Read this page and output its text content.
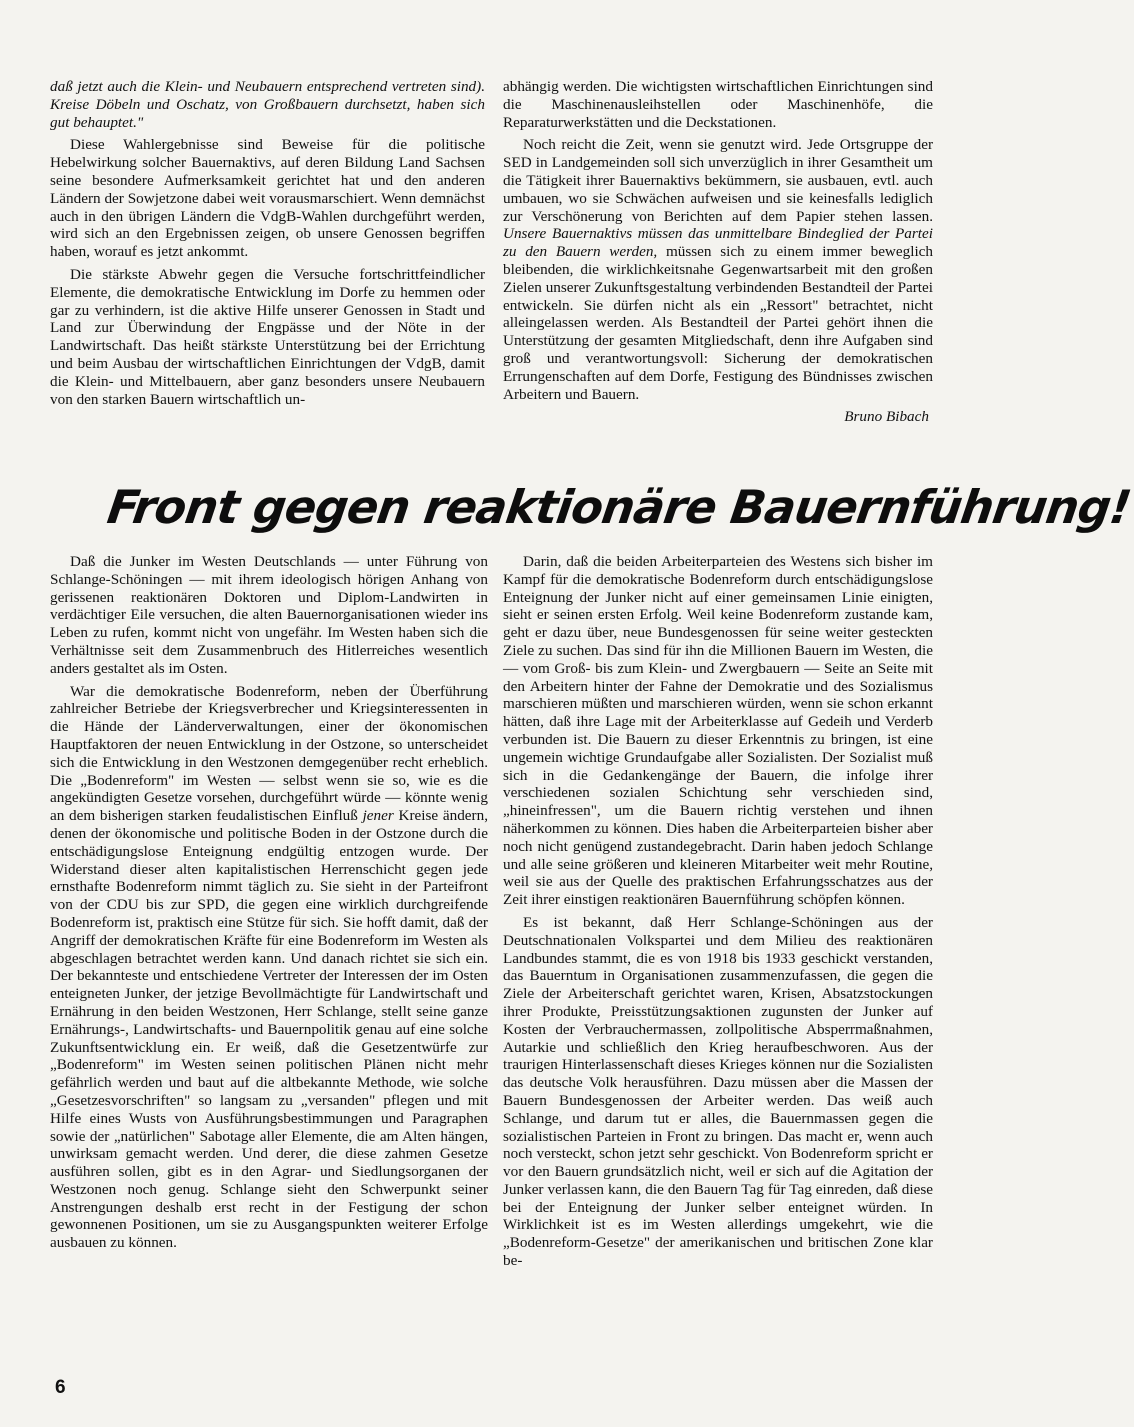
daß jetzt auch die Klein- und Neubauern entsprechend vertreten sind). Kreise Döbeln und Oschatz, von Großbauern durchsetzt, haben sich gut behauptet."

Diese Wahlergebnisse sind Beweise für die politische Hebelwirkung solcher Bauernaktivs, auf deren Bildung Land Sachsen seine besondere Aufmerksamkeit gerichtet hat und den anderen Ländern der Sowjetzone dabei weit vorausmarschiert. Wenn demnächst auch in den übrigen Ländern die VdgB-Wahlen durchgeführt werden, wird sich an den Ergebnissen zeigen, ob unsere Genossen begriffen haben, worauf es jetzt ankommt.

Die stärkste Abwehr gegen die Versuche fortschrittfeindlicher Elemente, die demokratische Entwicklung im Dorfe zu hemmen oder gar zu verhindern, ist die aktive Hilfe unserer Genossen in Stadt und Land zur Überwindung der Engpässe und der Nöte in der Landwirtschaft. Das heißt stärkste Unterstützung bei der Errichtung und beim Ausbau der wirtschaftlichen Einrichtungen der VdgB, damit die Klein- und Mittelbauern, aber ganz besonders unsere Neubauern von den starken Bauern wirtschaftlich un-

abhängig werden. Die wichtigsten wirtschaftlichen Einrichtungen sind die Maschinenausleihstellen oder Maschinenhöfe, die Reparaturwerkstätten und die Deckstationen.

Noch reicht die Zeit, wenn sie genutzt wird. Jede Ortsgruppe der SED in Landgemeinden soll sich unverzüglich in ihrer Gesamtheit um die Tätigkeit ihrer Bauernaktivs bekümmern, sie ausbauen, evtl. auch umbauen, wo sie Schwächen aufweisen und sie keinesfalls lediglich zur Verschönerung von Berichten auf dem Papier stehen lassen. Unsere Bauernaktivs müssen das unmittelbare Bindeglied der Partei zu den Bauern werden, müssen sich zu einem immer beweglich bleibenden, die wirklichkeitsnahe Gegenwartsarbeit mit den großen Zielen unserer Zukunftsgestaltung verbindenden Bestandteil der Partei entwickeln. Sie dürfen nicht als ein „Ressort" betrachtet, nicht alleingelassen werden. Als Bestandteil der Partei gehört ihnen die Unterstützung der gesamten Mitgliedschaft, denn ihre Aufgaben sind groß und verantwortungsvoll: Sicherung der demokratischen Errungenschaften auf dem Dorfe, Festigung des Bündnisses zwischen Arbeitern und Bauern.

Bruno Bibach
Front gegen reaktionäre Bauernführung!

Daß die Junker im Westen Deutschlands — unter Führung von Schlange-Schöningen — mit ihrem ideologisch hörigen Anhang von gerissenen reaktionären Doktoren und Diplom-Landwirten in verdächtiger Eile versuchen, die alten Bauernorganisationen wieder ins Leben zu rufen, kommt nicht von ungefähr. Im Westen haben sich die Verhältnisse seit dem Zusammenbruch des Hitlerreiches wesentlich anders gestaltet als im Osten.

War die demokratische Bodenreform, neben der Überführung zahlreicher Betriebe der Kriegsverbrecher und Kriegsinteressenten in die Hände der Länderverwaltungen, einer der ökonomischen Hauptfaktoren der neuen Entwicklung in der Ostzone, so unterscheidet sich die Entwicklung in den Westzonen demgegenüber recht erheblich. Die „Bodenreform" im Westen — selbst wenn sie so, wie es die angekündigten Gesetze vorsehen, durchgeführt würde — könnte wenig an dem bisherigen starken feudalistischen Einfluß jener Kreise ändern, denen der ökonomische und politische Boden in der Ostzone durch die entschädigungslose Enteignung endgültig entzogen wurde. Der Widerstand dieser alten kapitalistischen Herrenschicht gegen jede ernsthafte Bodenreform nimmt täglich zu. Sie sieht in der Parteifront von der CDU bis zur SPD, die gegen eine wirklich durchgreifende Bodenreform ist, praktisch eine Stütze für sich. Sie hofft damit, daß der Angriff der demokratischen Kräfte für eine Bodenreform im Westen als abgeschlagen betrachtet werden kann. Und danach richtet sie sich ein. Der bekannteste und entschiedene Vertreter der Interessen der im Osten enteigneten Junker, der jetzige Bevollmächtigte für Landwirtschaft und Ernährung in den beiden Westzonen, Herr Schlange, stellt seine ganze Ernährungs-, Landwirtschafts- und Bauernpolitik genau auf eine solche Zukunftsentwicklung ein. Er weiß, daß die Gesetzentwürfe zur „Bodenreform" im Westen seinen politischen Plänen nicht mehr gefährlich werden und baut auf die altbekannte Methode, wie solche „Gesetzesvorschriften" so langsam zu „versanden" pflegen und mit Hilfe eines Wusts von Ausführungsbestimmungen und Paragraphen sowie der „natürlichen" Sabotage aller Elemente, die am Alten hängen, unwirksam gemacht werden. Und derer, die diese zahmen Gesetze ausführen sollen, gibt es in den Agrar- und Siedlungsorganen der Westzonen noch genug. Schlange sieht den Schwerpunkt seiner Anstrengungen deshalb erst recht in der Festigung der schon gewonnenen Positionen, um sie zu Ausgangspunkten weiterer Erfolge ausbauen zu können.

Darin, daß die beiden Arbeiterparteien des Westens sich bisher im Kampf für die demokratische Bodenreform durch entschädigungslose Enteignung der Junker nicht auf einer gemeinsamen Linie einigten, sieht er seinen ersten Erfolg. Weil keine Bodenreform zustande kam, geht er dazu über, neue Bundesgenossen für seine weiter gesteckten Ziele zu suchen. Das sind für ihn die Millionen Bauern im Westen, die — vom Groß- bis zum Klein- und Zwergbauern — Seite an Seite mit den Arbeitern hinter der Fahne der Demokratie und des Sozialismus marschieren müßten und marschieren würden, wenn sie schon erkannt hätten, daß ihre Lage mit der Arbeiterklasse auf Gedeih und Verderb verbunden ist. Die Bauern zu dieser Erkenntnis zu bringen, ist eine ungemein wichtige Grundaufgabe aller Sozialisten. Der Sozialist muß sich in die Gedankengänge der Bauern, die infolge ihrer verschiedenen sozialen Schichtung sehr verschieden sind, „hineinfressen", um die Bauern richtig verstehen und ihnen näherkommen zu können. Dies haben die Arbeiterparteien bisher aber noch nicht genügend zustandegebracht. Darin haben jedoch Schlange und alle seine größeren und kleineren Mitarbeiter weit mehr Routine, weil sie aus der Quelle des praktischen Erfahrungsschatzes aus der Zeit ihrer einstigen reaktionären Bauernführung schöpfen können.

Es ist bekannt, daß Herr Schlange-Schöningen aus der Deutschnationalen Volkspartei und dem Milieu des reaktionären Landbundes stammt, die es von 1918 bis 1933 geschickt verstanden, das Bauerntum in Organisationen zusammenzufassen, die gegen die Ziele der Arbeiterschaft gerichtet waren, Krisen, Absatzstockungen ihrer Produkte, Preisstützungsaktionen zugunsten der Junker auf Kosten der Verbrauchermassen, zollpolitische Absperrmaßnahmen, Autarkie und schließlich den Krieg heraufbeschworen. Aus der traurigen Hinterlassenschaft dieses Krieges können nur die Sozialisten das deutsche Volk herausführen. Dazu müssen aber die Massen der Bauern Bundesgenossen der Arbeiter werden. Das weiß auch Schlange, und darum tut er alles, die Bauernmassen gegen die sozialistischen Parteien in Front zu bringen. Das macht er, wenn auch noch versteckt, schon jetzt sehr geschickt. Von Bodenreform spricht er vor den Bauern grundsätzlich nicht, weil er sich auf die Agitation der Junker verlassen kann, die den Bauern Tag für Tag einreden, daß diese bei der Enteignung der Junker selber enteignet würden. In Wirklichkeit ist es im Westen allerdings umgekehrt, wie die „Bodenreform-Gesetze" der amerikanischen und britischen Zone klar be-

6
